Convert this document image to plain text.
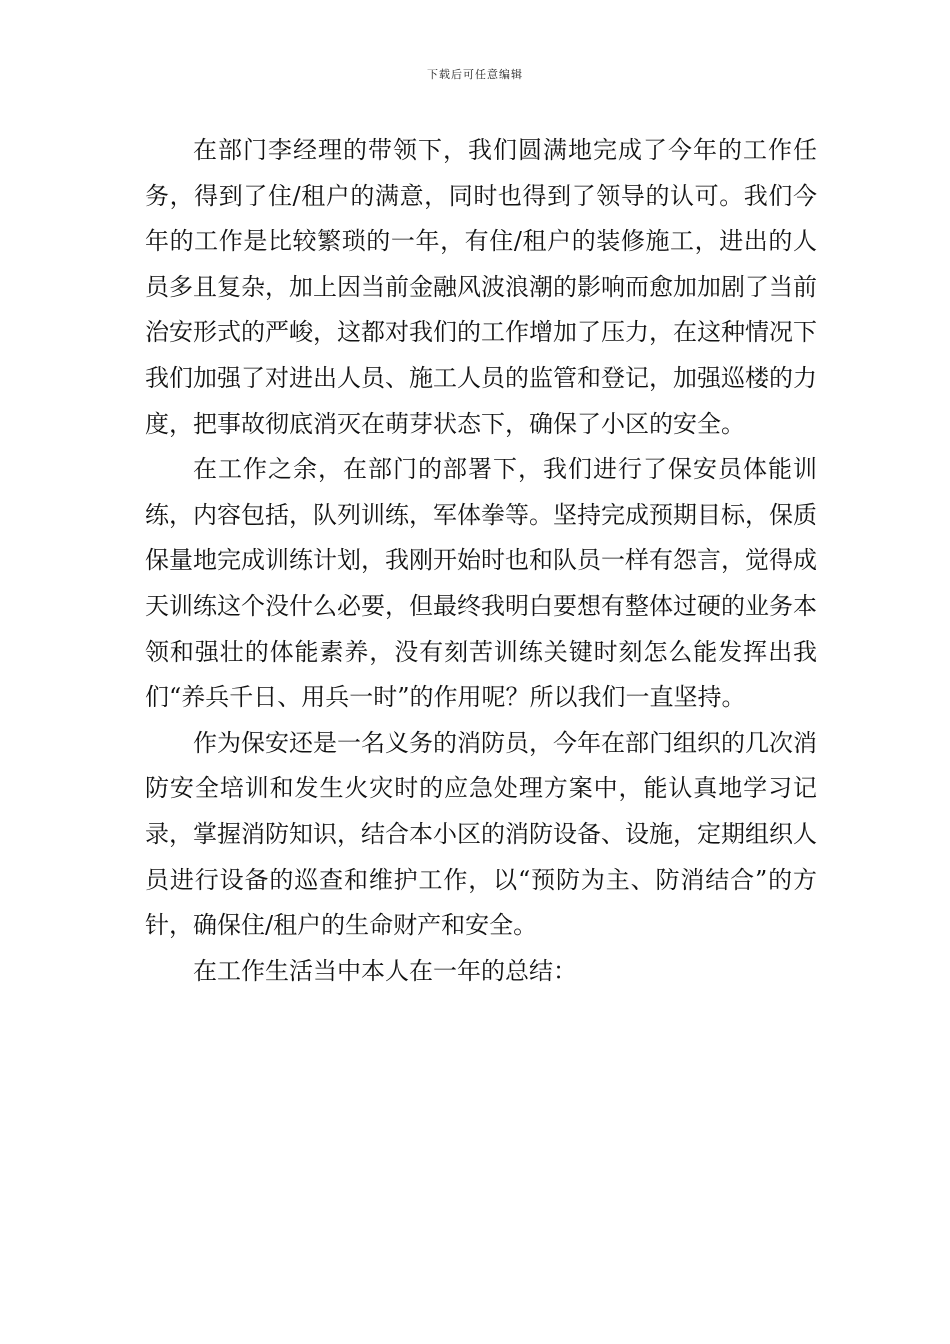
下载后可任意编辑

在部门李经理的带领下，我们圆满地完成了今年的工作任务，得到了住/租户的满意，同时也得到了领导的认可。我们今年的工作是比较繁琐的一年，有住/租户的装修施工，进出的人员多且复杂，加上因当前金融风波浪潮的影响而愈加加剧了当前治安形式的严峻，这都对我们的工作增加了压力，在这种情况下我们加强了对进出人员、施工人员的监管和登记，加强巡楼的力度，把事故彻底消灭在萌芽状态下，确保了小区的安全。

在工作之余，在部门的部署下，我们进行了保安员体能训练，内容包括，队列训练，军体拳等。坚持完成预期目标，保质保量地完成训练计划，我刚开始时也和队员一样有怨言，觉得成天训练这个没什么必要，但最终我明白要想有整体过硬的业务本领和强壮的体能素养，没有刻苦训练关键时刻怎么能发挥出我们“养兵千日、用兵一时”的作用呢？所以我们一直坚持。

作为保安还是一名义务的消防员，今年在部门组织的几次消防安全培训和发生火灾时的应急处理方案中，能认真地学习记录，掌握消防知识，结合本小区的消防设备、设施，定期组织人员进行设备的巡查和维护工作，以“预防为主、防消结合”的方针，确保住/租户的生命财产和安全。

在工作生活当中本人在一年的总结：
